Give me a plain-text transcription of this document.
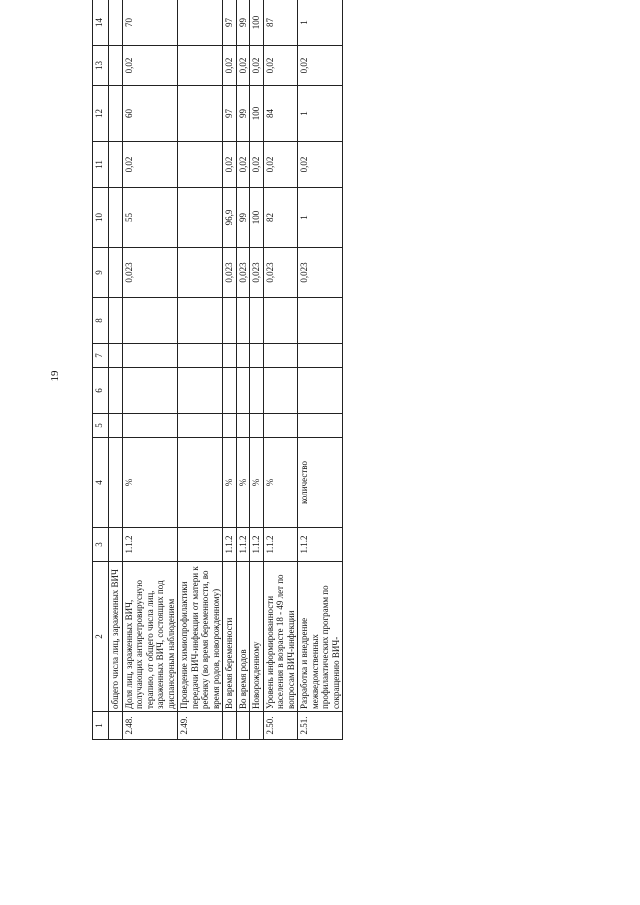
19
1	2	3	4	5	6	7	8	9	10	11	12	13	14
	общего числа лиц, зараженных ВИЧ												
2.48.	Доля лиц, зараженных ВИЧ, получающих антиретровирусную терапию, от общего числа лиц, зараженных ВИЧ, состоящих под диспансерным наблюдением	1.1.2	%					0,023	55	0,02	60	0,02	70
2.49.	Проведение химиопрофилактики передачи ВИЧ-инфекции от матери к ребенку (во время беременности, во время родов, новорожденному)												
	Во время беременности	1.1.2	%					0,023	96,9	0,02	97	0,02	97
	Во время родов	1.1.2	%					0,023	99	0,02	99	0,02	99
	Новорожденному	1.1.2	%					0,023	100	0,02	100	0,02	100
2.50.	Уровень информированности населения в возрасте 18 - 49 лет по вопросам ВИЧ-инфекции	1.1.2	%					0,023	82	0,02	84	0,02	87
2.51.	Разработка и внедрение межведомственных профилактических программ по сокращению ВИЧ-	1.1.2	количество					0,023	1	0,02	1	0,02	1
